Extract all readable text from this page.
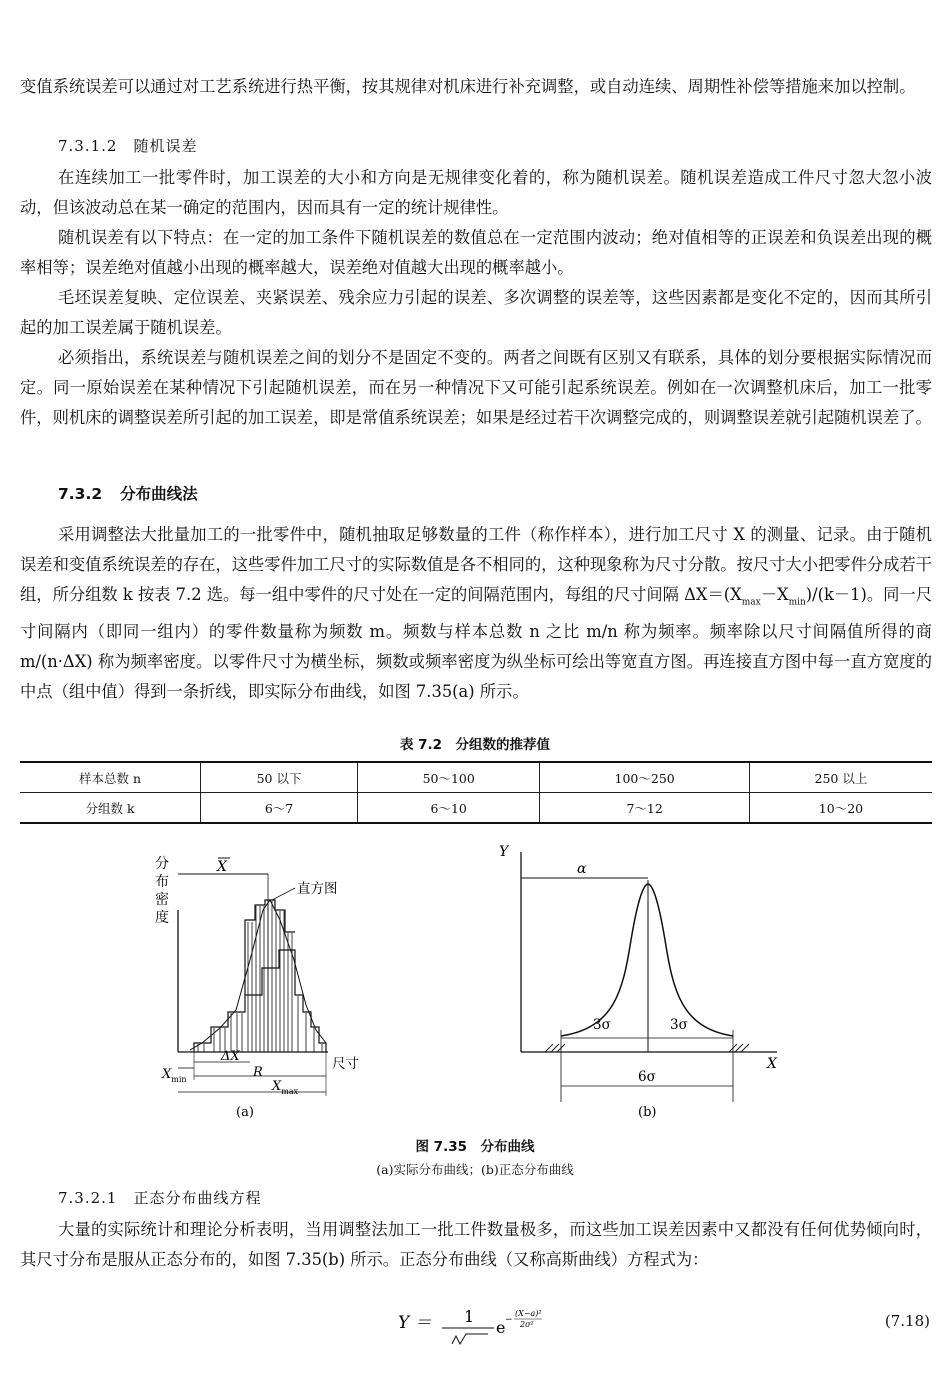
变值系统误差可以通过对工艺系统进行热平衡，按其规律对机床进行补充调整，或自动连续、周期性补偿等措施来加以控制。

7.3.1.2　随机误差

在连续加工一批零件时，加工误差的大小和方向是无规律变化着的，称为随机误差。随机误差造成工件尺寸忽大忽小波动，但该波动总在某一确定的范围内，因而具有一定的统计规律性。

随机误差有以下特点：在一定的加工条件下随机误差的数值总在一定范围内波动；绝对值相等的正误差和负误差出现的概率相等；误差绝对值越小出现的概率越大，误差绝对值越大出现的概率越小。

毛坯误差复映、定位误差、夹紧误差、残余应力引起的误差、多次调整的误差等，这些因素都是变化不定的，因而其所引起的加工误差属于随机误差。

必须指出，系统误差与随机误差之间的划分不是固定不变的。两者之间既有区别又有联系，具体的划分要根据实际情况而定。同一原始误差在某种情况下引起随机误差，而在另一种情况下又可能引起系统误差。例如在一次调整机床后，加工一批零件，则机床的调整误差所引起的加工误差，即是常值系统误差；如果是经过若干次调整完成的，则调整误差就引起随机误差了。

7.3.2 分布曲线法

采用调整法大批量加工的一批零件中，随机抽取足够数量的工件（称作样本），进行加工尺寸 X 的测量、记录。由于随机误差和变值系统误差的存在，这些零件加工尺寸的实际数值是各不相同的，这种现象称为尺寸分散。按尺寸大小把零件分成若干组，所分组数 k 按表 7.2 选。每一组中零件的尺寸处在一定的间隔范围内，每组的尺寸间隔 $\Delta X=(X_{max}-X_{min})/(k-1)$。同一尺寸间隔内（即同一组内）的零件数量称为频数 m。频数与样本总数 n 之比 m/n 称为频率。频率除以尺寸间隔值所得的商 m/(n·ΔX) 称为频率密度。以零件尺寸为横坐标，频数或频率密度为纵坐标可绘出等宽直方图。再连接直方图中每一直方宽度的中点（组中值）得到一条折线，即实际分布曲线，如图 7.35(a) 所示。

表 7.2　分组数的推荐值
样本总数 n	50 以下	50～100	100～250	250 以上
分组数 k	6～7	6～10	7～12	10～20
分
布
密
度
X
直方图
尺寸
ΔX
R
$X_{max}$
$X_{min}$
(a)
Y
X
α
3σ	3σ
6σ
(b)
图 7.35　分布曲线
(a)实际分布曲线；(b)正态分布曲线

7.3.2.1　正态分布曲线方程

大量的实际统计和理论分析表明，当用调整法加工一批工件数量极多，而这些加工误差因素中又都没有任何优势倾向时，其尺寸分布是服从正态分布的，如图 7.35(b) 所示。正态分布曲线（又称高斯曲线）方程式为：

Y ＝ 1
e −
(X−a)²
2σ²	(7.18)
